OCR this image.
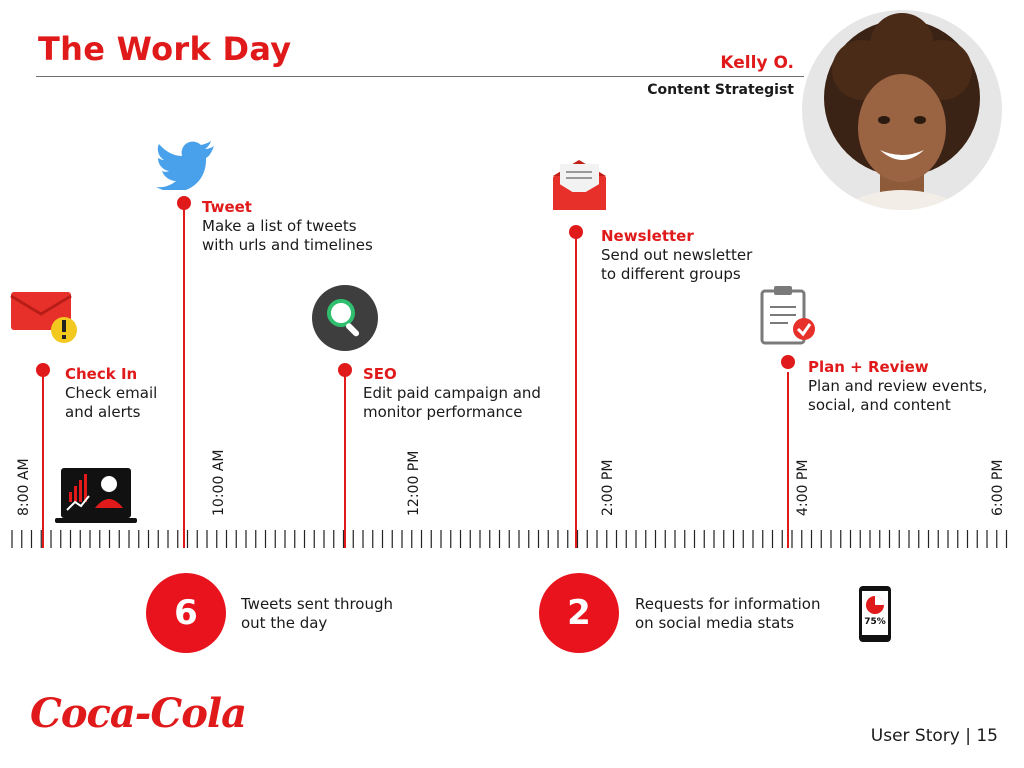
The Work Day	Kelly O.
Content Strategist
8:00 AM	10:00 AM	12:00 PM	2:00 PM	4:00 PM	6:00 PM
Check In
Check email
and alerts
Tweet
Make a list of tweets
with urls and timelines
SEO
Edit paid campaign and
monitor performance
Newsletter
Send out newsletter
to different groups
Plan + Review
Plan and review events,
social, and content
6	Tweets sent through
out the day	2	Requests for information
on social media stats	75%
Coca-Cola	User Story | 15
